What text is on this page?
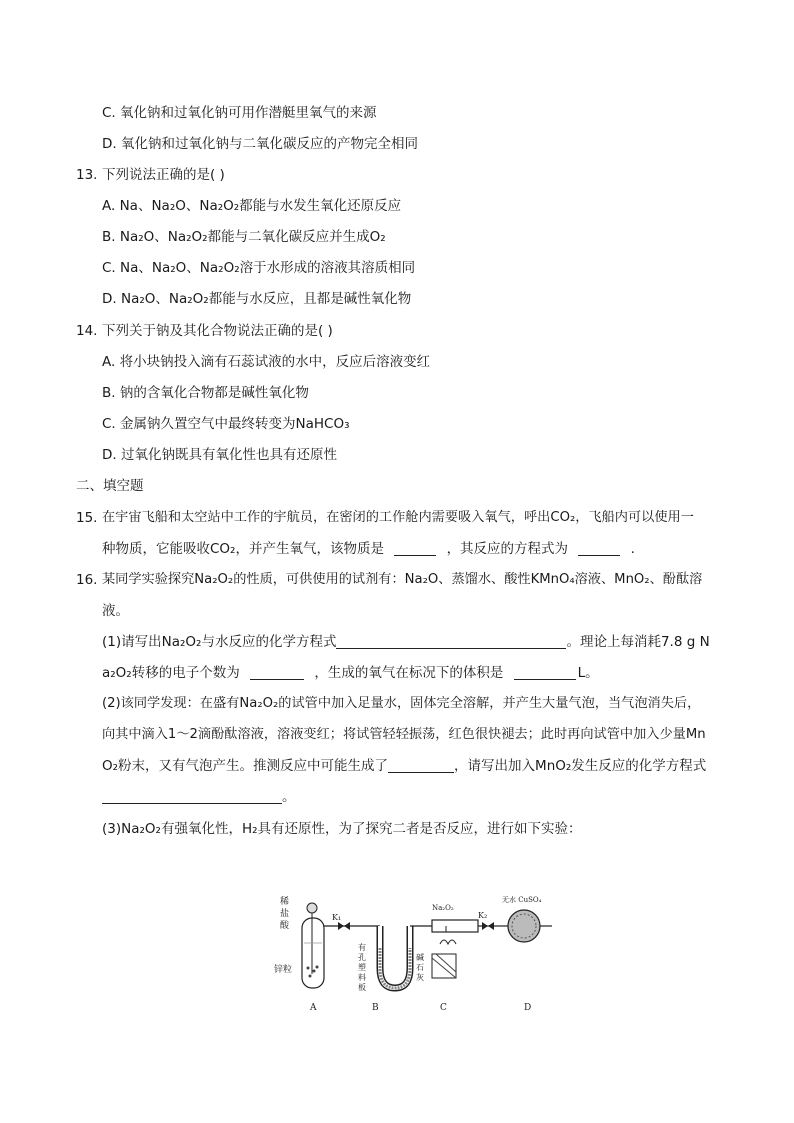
C. 氧化钠和过氧化钠可用作潜艇里氧气的来源
D. 氧化钠和过氧化钠与二氧化碳反应的产物完全相同
13. 下列说法正确的是( )
A. Na、Na₂O、Na₂O₂都能与水发生氧化还原反应
B. Na₂O、Na₂O₂都能与二氧化碳反应并生成O₂
C. Na、Na₂O、Na₂O₂溶于水形成的溶液其溶质相同
D. Na₂O、Na₂O₂都能与水反应，且都是碱性氧化物
14. 下列关于钠及其化合物说法正确的是( )
A. 将小块钠投入滴有石蕊试液的水中，反应后溶液变红
B. 钠的含氧化合物都是碱性氧化物
C. 金属钠久置空气中最终转变为NaHCO₃
D. 过氧化钠既具有氧化性也具有还原性
二、填空题
15. 在宇宙飞船和太空站中工作的宇航员，在密闭的工作舱内需要吸入氧气，呼出CO₂，飞船内可以使用一
种物质，它能吸收CO₂，并产生氧气，该物质是	，其反应的方程式为	.
16. 某同学实验探究Na₂O₂的性质，可供使用的试剂有：Na₂O、蒸馏水、酸性KMnO₄溶液、MnO₂、酚酞溶
液。
(1)请写出Na₂O₂与水反应的化学方程式	。理论上每消耗7.8 g N
a₂O₂转移的电子个数为	，生成的氧气在标况下的体积是	L。
(2)该同学发现：在盛有Na₂O₂的试管中加入足量水，固体完全溶解，并产生大量气泡，当气泡消失后，
向其中滴入1～2滴酚酞溶液，溶液变红；将试管轻轻振荡，红色很快褪去；此时再向试管中加入少量Mn
O₂粉末，又有气泡产生。推测反应中可能生成了	，请写出加入MnO₂发生反应的化学方程式
。
(3)Na₂O₂有强氧化性，H₂具有还原性，为了探究二者是否反应，进行如下实验：
稀
盐
酸
锌粒
A
K₁
有
孔
塑
料
板
碱
石
灰
B
Na₂O₂
C
K₂
无水 CuSO₄
D
